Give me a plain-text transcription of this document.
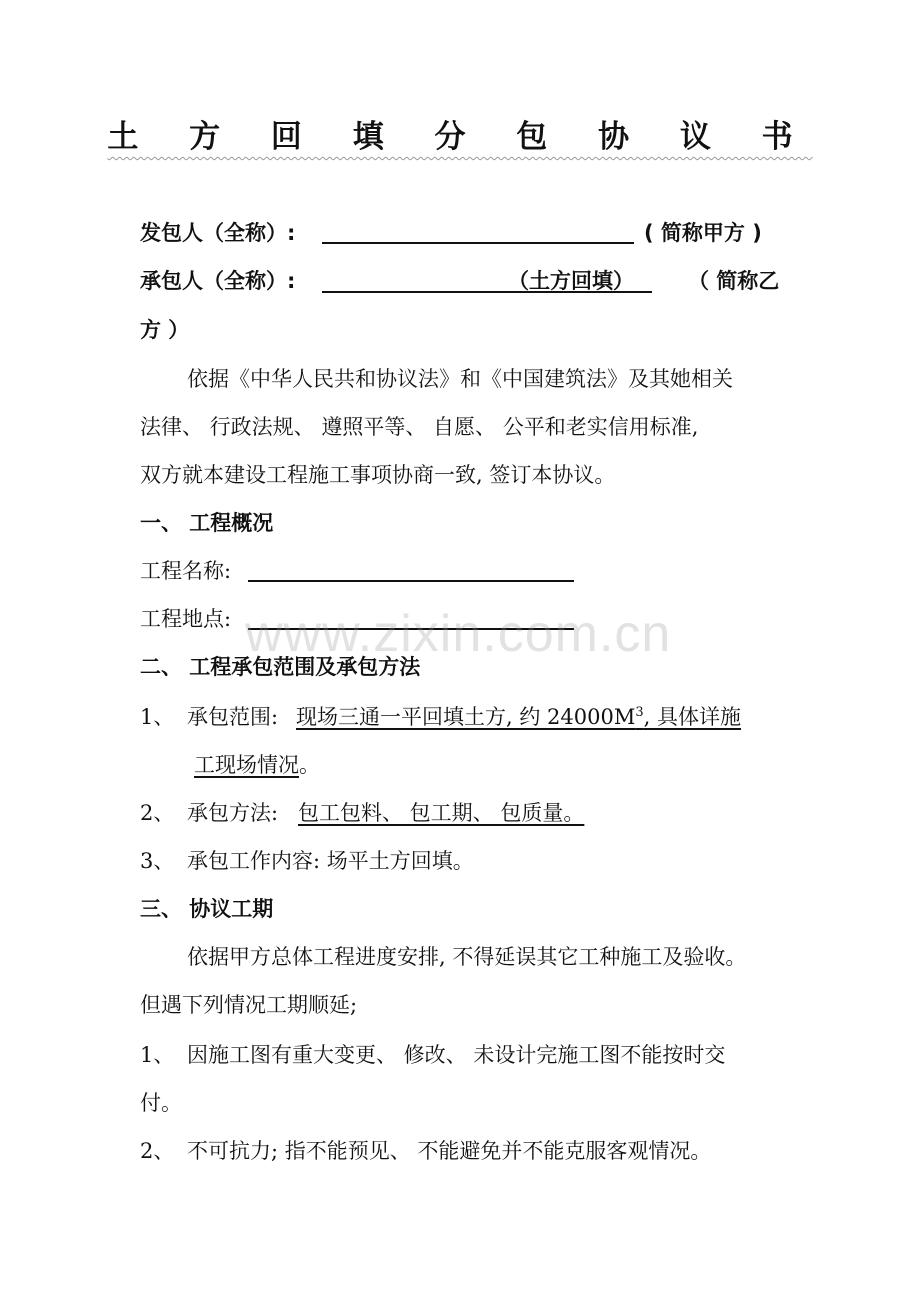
土 方 回 填 分 包 协 议 书
发包人（全称）:	( 简称甲方 )
承包人（全称）:	（土方回填）	（ 简称乙
方 ）
依据《中华人民共和协议法》和《中国建筑法》及其她相关
法律、 行政法规、 遵照平等、 自愿、 公平和老实信用标准,
双方就本建设工程施工事项协商一致, 签订本协议。
一、 工程概况
工程名称:
工程地点:
二、 工程承包范围及承包方法
1、 承包范围: 现场三通一平回填土方, 约 $24000M^3$, 具体详施
工现场情况。
2、 承包方法: 包工包料、 包工期、 包质量。
3、 承包工作内容: 场平土方回填。
三、 协议工期
依据甲方总体工程进度安排, 不得延误其它工种施工及验收。
但遇下列情况工期顺延;
1、 因施工图有重大变更、 修改、 未设计完施工图不能按时交
付。
2、 不可抗力; 指不能预见、 不能避免并不能克服客观情况。
www.zixin.com.cn
